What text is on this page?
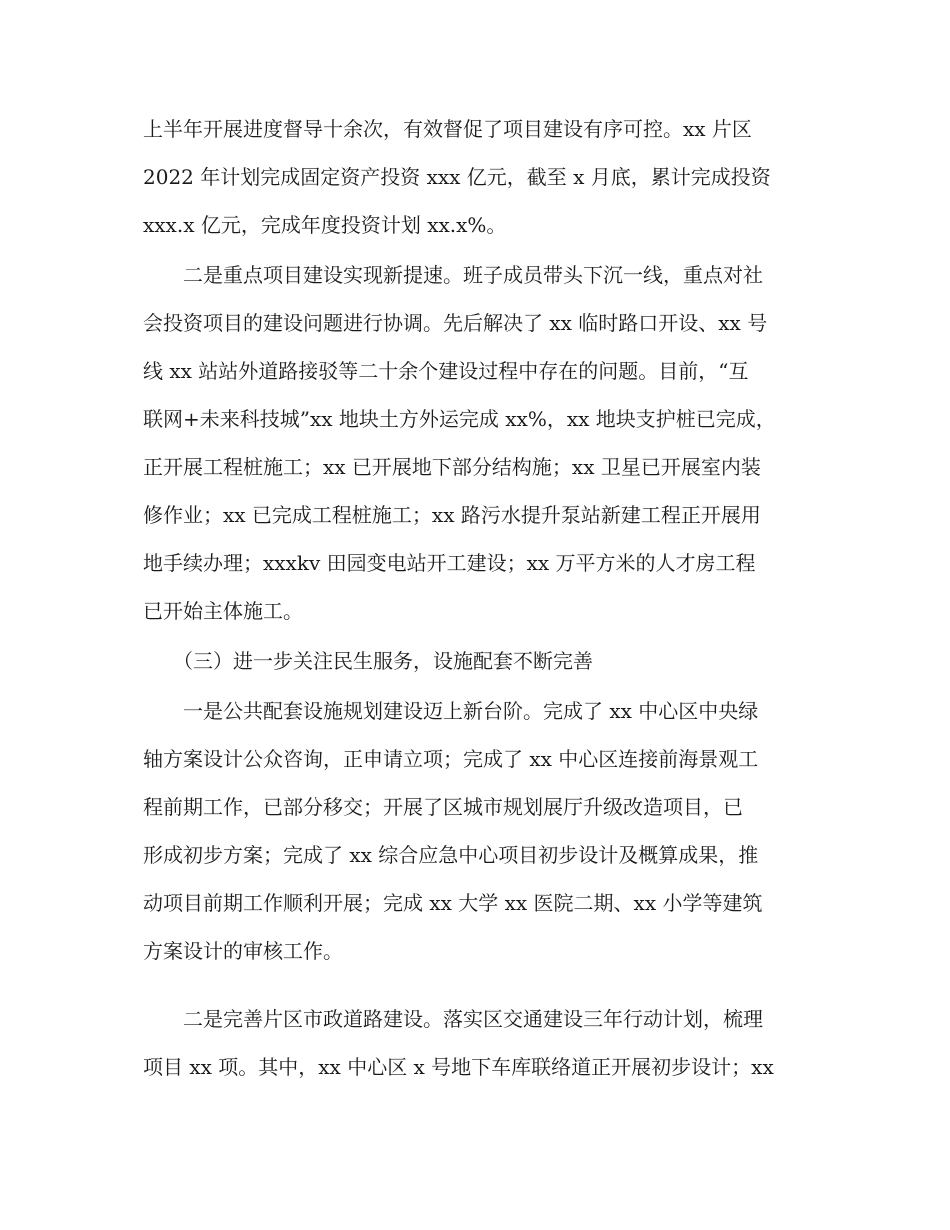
上半年开展进度督导十余次，有效督促了项目建设有序可控。xx 片区
2022 年计划完成固定资产投资 xxx 亿元，截至 x 月底，累计完成投资
xxx.x 亿元，完成年度投资计划 xx.x%。
二是重点项目建设实现新提速。班子成员带头下沉一线，重点对社
会投资项目的建设问题进行协调。先后解决了 xx 临时路口开设、xx 号
线 xx 站站外道路接驳等二十余个建设过程中存在的问题。目前，“互
联网+未来科技城”xx 地块土方外运完成 xx%，xx 地块支护桩已完成，
正开展工程桩施工；xx 已开展地下部分结构施；xx 卫星已开展室内装
修作业；xx 已完成工程桩施工；xx 路污水提升泵站新建工程正开展用
地手续办理；xxxkv 田园变电站开工建设；xx 万平方米的人才房工程
已开始主体施工。
（三）进一步关注民生服务，设施配套不断完善
一是公共配套设施规划建设迈上新台阶。完成了 xx 中心区中央绿
轴方案设计公众咨询，正申请立项；完成了 xx 中心区连接前海景观工
程前期工作，已部分移交；开展了区城市规划展厅升级改造项目，已
形成初步方案；完成了 xx 综合应急中心项目初步设计及概算成果，推
动项目前期工作顺利开展；完成 xx 大学 xx 医院二期、xx 小学等建筑
方案设计的审核工作。
二是完善片区市政道路建设。落实区交通建设三年行动计划，梳理
项目 xx 项。其中，xx 中心区 x 号地下车库联络道正开展初步设计；xx
